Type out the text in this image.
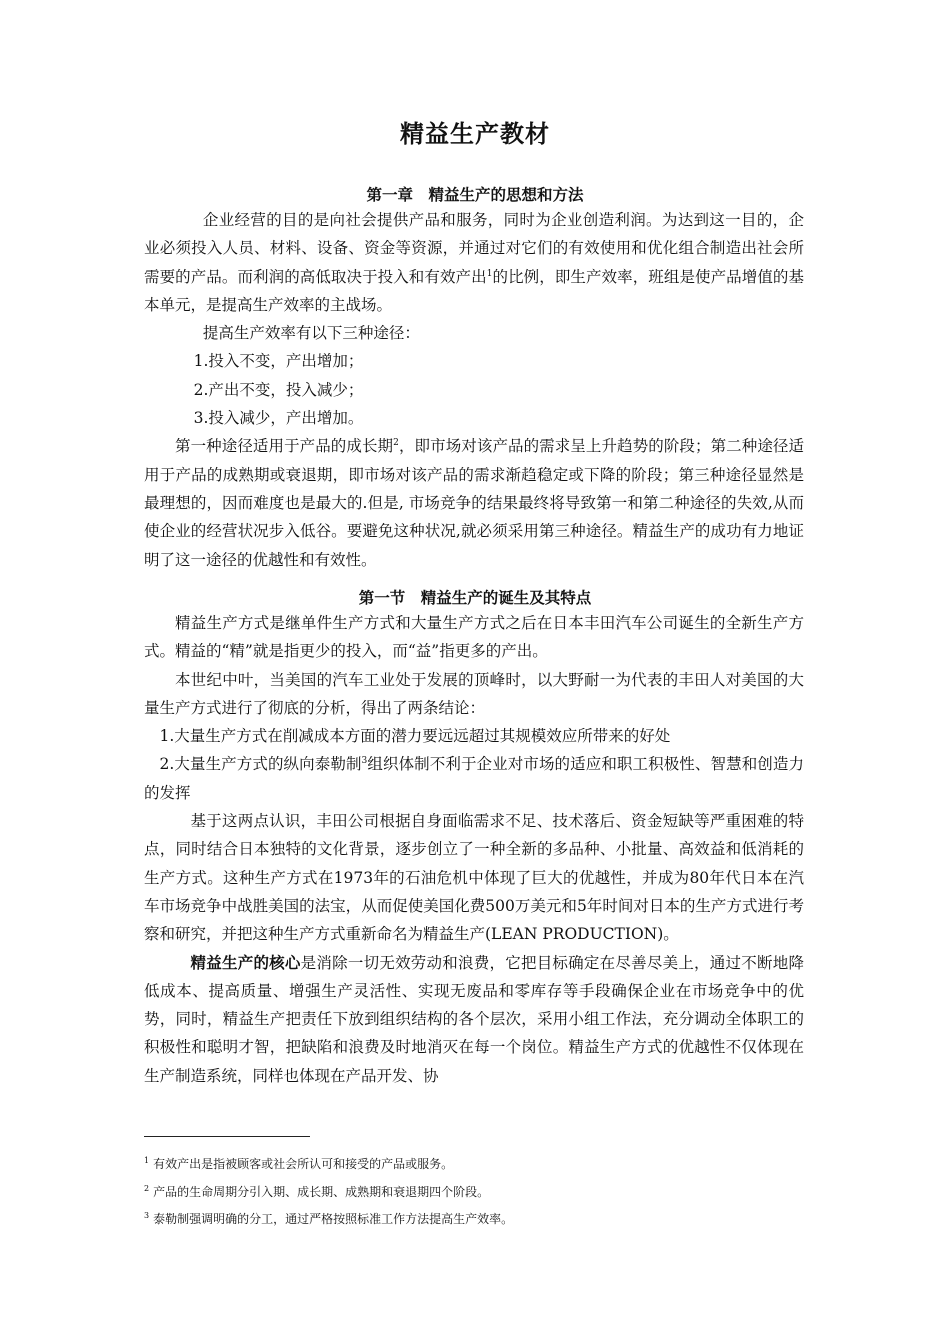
精益生产教材
第一章　精益生产的思想和方法

企业经营的目的是向社会提供产品和服务，同时为企业创造利润。为达到这一目的，企业必须投入人员、材料、设备、资金等资源，并通过对它们的有效使用和优化组合制造出社会所需要的产品。而利润的高低取决于投入和有效产出$^1$的比例，即生产效率，班组是使产品增值的基本单元，是提高生产效率的主战场。

提高生产效率有以下三种途径：

1.投入不变，产出增加；

2.产出不变，投入减少；

3.投入减少，产出增加。

第一种途径适用于产品的成长期$^2$，即市场对该产品的需求呈上升趋势的阶段；第二种途径适用于产品的成熟期或衰退期，即市场对该产品的需求渐趋稳定或下降的阶段；第三种途径显然是最理想的，因而难度也是最大的.但是, 市场竞争的结果最终将导致第一和第二种途径的失效,从而使企业的经营状况步入低谷。要避免这种状况,就必须采用第三种途径。精益生产的成功有力地证明了这一途径的优越性和有效性。

第一节　精益生产的诞生及其特点

精益生产方式是继单件生产方式和大量生产方式之后在日本丰田汽车公司诞生的全新生产方式。精益的“精”就是指更少的投入，而“益”指更多的产出。

本世纪中叶，当美国的汽车工业处于发展的顶峰时，以大野耐一为代表的丰田人对美国的大量生产方式进行了彻底的分析，得出了两条结论：

1.大量生产方式在削减成本方面的潜力要远远超过其规模效应所带来的好处

2.大量生产方式的纵向泰勒制$^3$组织体制不利于企业对市场的适应和职工积极性、智慧和创造力的发挥

基于这两点认识，丰田公司根据自身面临需求不足、技术落后、资金短缺等严重困难的特点，同时结合日本独特的文化背景，逐步创立了一种全新的多品种、小批量、高效益和低消耗的生产方式。这种生产方式在1973年的石油危机中体现了巨大的优越性，并成为80年代日本在汽车市场竞争中战胜美国的法宝，从而促使美国化费500万美元和5年时间对日本的生产方式进行考察和研究，并把这种生产方式重新命名为精益生产(LEAN PRODUCTION)。

精益生产的核心是消除一切无效劳动和浪费，它把目标确定在尽善尽美上，通过不断地降低成本、提高质量、增强生产灵活性、实现无废品和零库存等手段确保企业在市场竞争中的优势，同时，精益生产把责任下放到组织结构的各个层次，采用小组工作法，充分调动全体职工的积极性和聪明才智，把缺陷和浪费及时地消灭在每一个岗位。精益生产方式的优越性不仅体现在生产制造系统，同样也体现在产品开发、协

$^1$ 有效产出是指被顾客或社会所认可和接受的产品或服务。

$^2$ 产品的生命周期分引入期、成长期、成熟期和衰退期四个阶段。

$^3$ 泰勒制强调明确的分工，通过严格按照标准工作方法提高生产效率。
